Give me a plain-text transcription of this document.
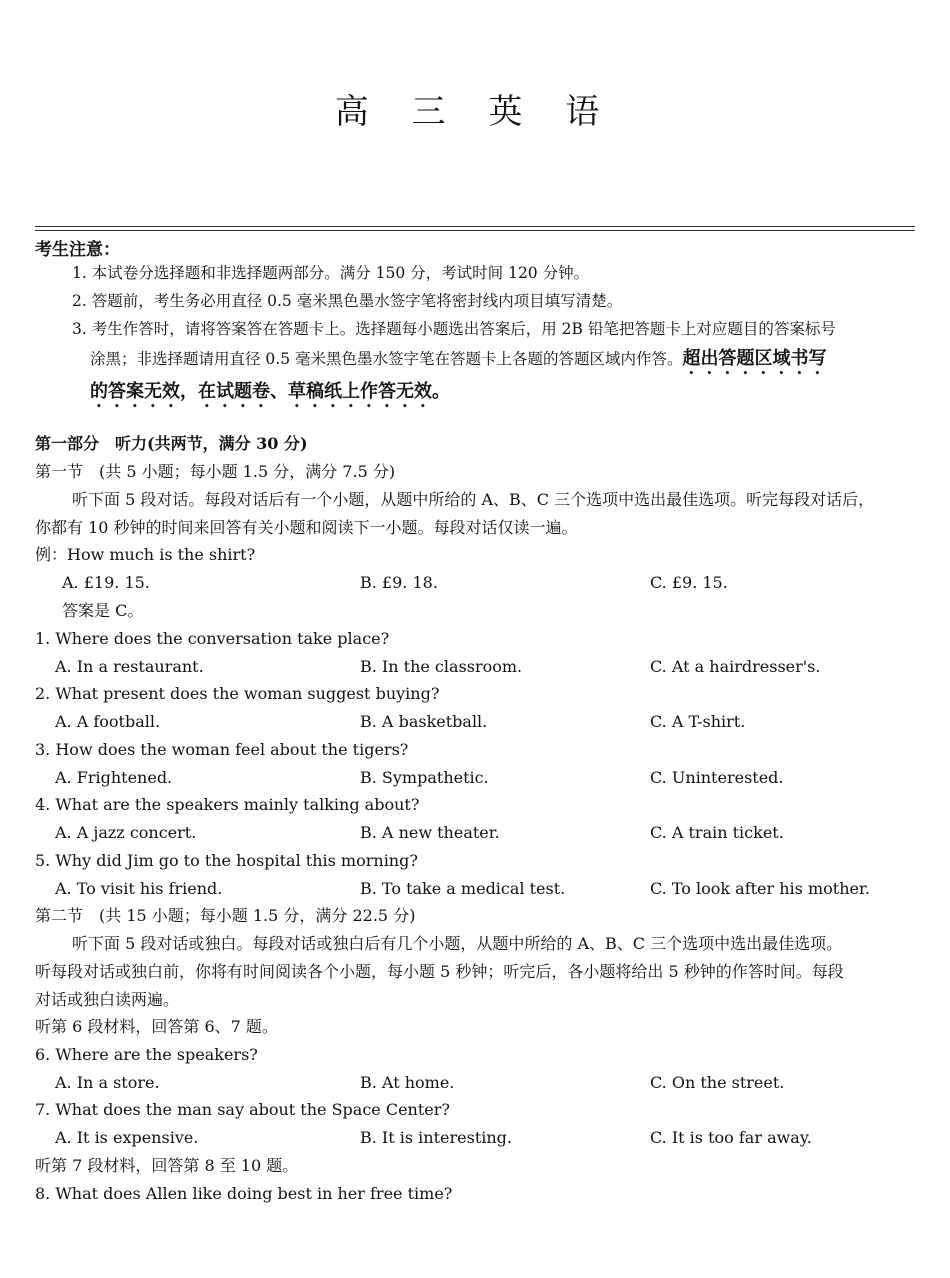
高 三 英 语
考生注意：
1. 本试卷分选择题和非选择题两部分。满分 150 分，考试时间 120 分钟。
2. 答题前，考生务必用直径 0.5 毫米黑色墨水签字笔将密封线内项目填写清楚。
3. 考生作答时，请将答案答在答题卡上。选择题每小题选出答案后，用 2B 铅笔把答题卡上对应题目的答案标号
涂黑；非选择题请用直径 0.5 毫米黑色墨水签字笔在答题卡上各题的答题区域内作答。超出答题区域书写
的答案无效，在试题卷、草稿纸上作答无效。
第一部分　听力(共两节，满分 30 分)
第一节　(共 5 小题；每小题 1.5 分，满分 7.5 分)
听下面 5 段对话。每段对话后有一个小题，从题中所给的 A、B、C 三个选项中选出最佳选项。听完每段对话后，
你都有 10 秒钟的时间来回答有关小题和阅读下一小题。每段对话仅读一遍。
例：How much is the shirt?
A. £19. 15.	B. £9. 18.	C. £9. 15.
答案是 C。
1. Where does the conversation take place?
A. In a restaurant.	B. In the classroom.	C. At a hairdresser's.
2. What present does the woman suggest buying?
A. A football.	B. A basketball.	C. A T-shirt.
3. How does the woman feel about the tigers?
A. Frightened.	B. Sympathetic.	C. Uninterested.
4. What are the speakers mainly talking about?
A. A jazz concert.	B. A new theater.	C. A train ticket.
5. Why did Jim go to the hospital this morning?
A. To visit his friend.	B. To take a medical test.	C. To look after his mother.
第二节　(共 15 小题；每小题 1.5 分，满分 22.5 分)
听下面 5 段对话或独白。每段对话或独白后有几个小题，从题中所给的 A、B、C 三个选项中选出最佳选项。
听每段对话或独白前，你将有时间阅读各个小题，每小题 5 秒钟；听完后，各小题将给出 5 秒钟的作答时间。每段
对话或独白读两遍。
听第 6 段材料，回答第 6、7 题。
6. Where are the speakers?
A. In a store.	B. At home.	C. On the street.
7. What does the man say about the Space Center?
A. It is expensive.	B. It is interesting.	C. It is too far away.
听第 7 段材料，回答第 8 至 10 题。
8. What does Allen like doing best in her free time?
